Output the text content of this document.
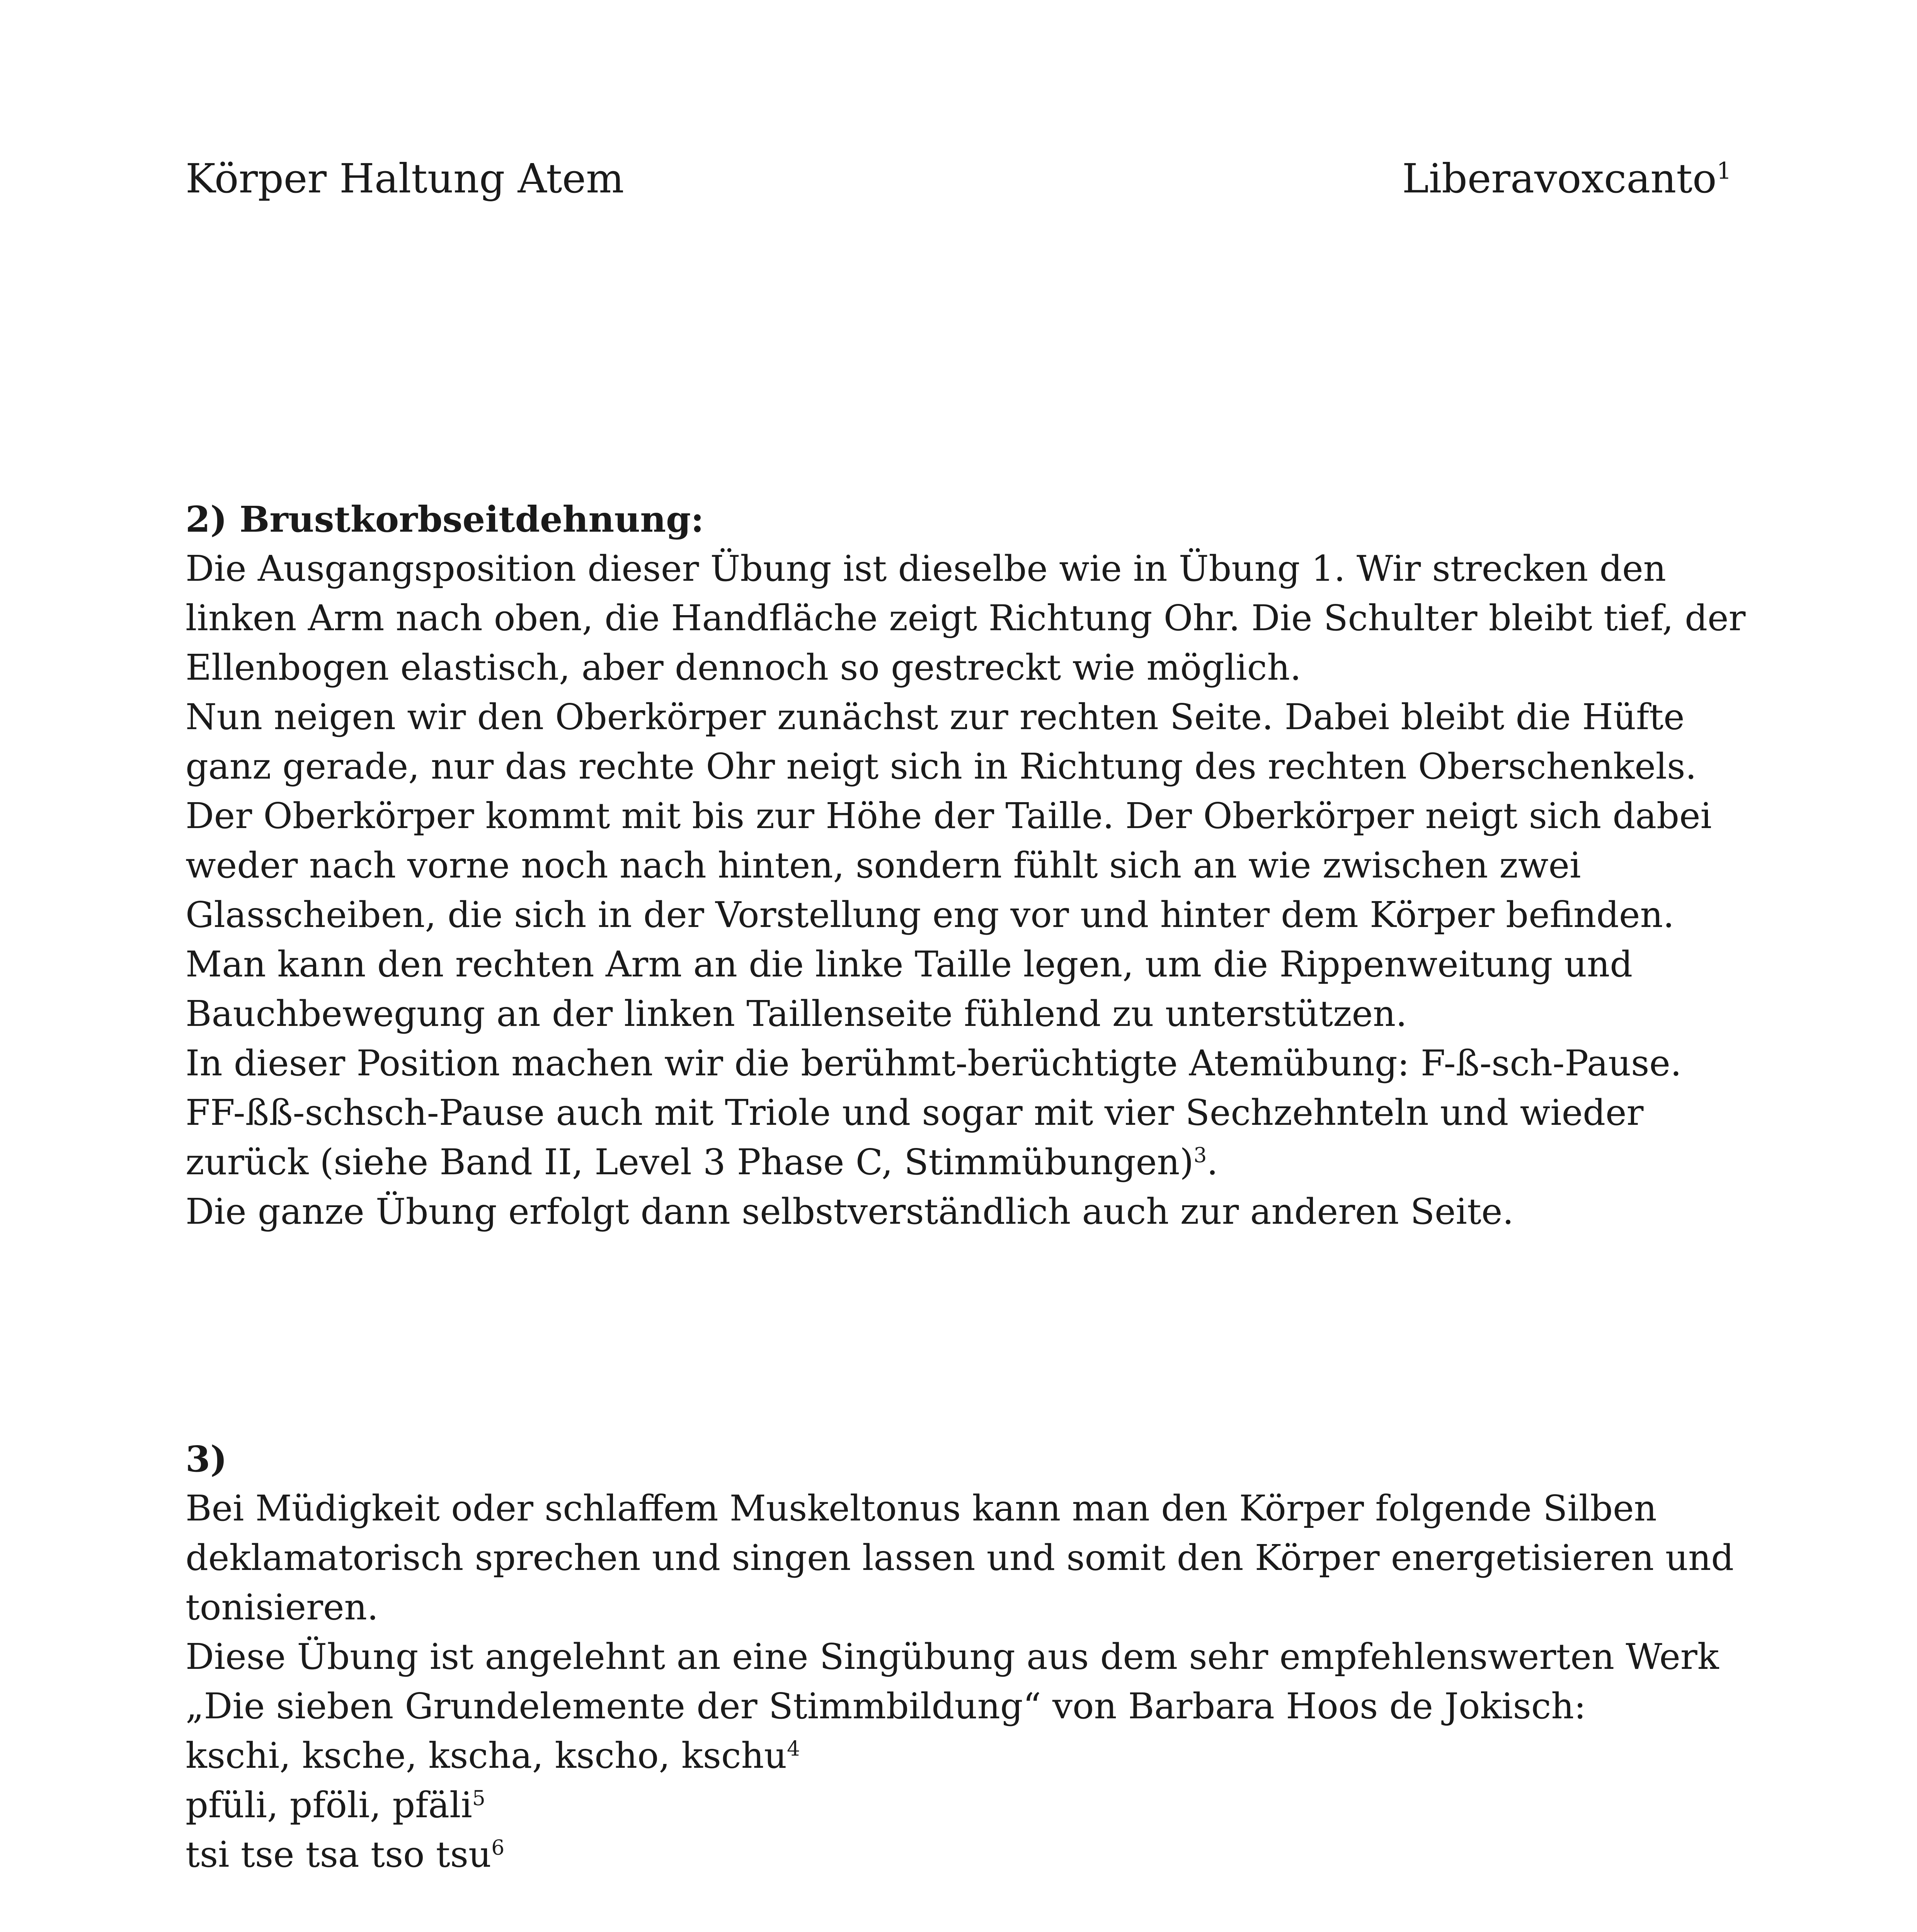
Körper Haltung Atem	Liberavoxcanto$^1$

2) Brustkorbseitdehnung:

Die Ausgangsposition dieser Übung ist dieselbe wie in Übung 1. Wir strecken den linken Arm nach oben, die Handfläche zeigt Richtung Ohr. Die Schulter bleibt tief, der Ellenbogen elastisch, aber dennoch so gestreckt wie möglich.

Nun neigen wir den Oberkörper zunächst zur rechten Seite. Dabei bleibt die Hüfte ganz gerade, nur das rechte Ohr neigt sich in Richtung des rechten Oberschenkels. Der Oberkörper kommt mit bis zur Höhe der Taille. Der Oberkörper neigt sich dabei weder nach vorne noch nach hinten, sondern fühlt sich an wie zwischen zwei Glasscheiben, die sich in der Vorstellung eng vor und hinter dem Körper befinden.

Man kann den rechten Arm an die linke Taille legen, um die Rippenweitung und Bauchbewegung an der linken Taillenseite fühlend zu unterstützen.

In dieser Position machen wir die berühmt-berüchtigte Atemübung: F-ß-sch-Pause. FF-ßß-schsch-Pause auch mit Triole und sogar mit vier Sechzehnteln und wieder zurück (siehe Band II, Level 3 Phase C, Stimmübungen)$^3$.

Die ganze Übung erfolgt dann selbstverständlich auch zur anderen Seite.

3)

Bei Müdigkeit oder schlaffem Muskeltonus kann man den Körper folgende Silben deklamatorisch sprechen und singen lassen und somit den Körper energetisieren und tonisieren.

Diese Übung ist angelehnt an eine Singübung aus dem sehr empfehlenswerten Werk „Die sieben Grundelemente der Stimmbildung“ von Barbara Hoos de Jokisch:

kschi, ksche, kscha, kscho, kschu$^4$

pfüli, pföli, pfäli$^5$

tsi tse tsa tso tsu$^6$
